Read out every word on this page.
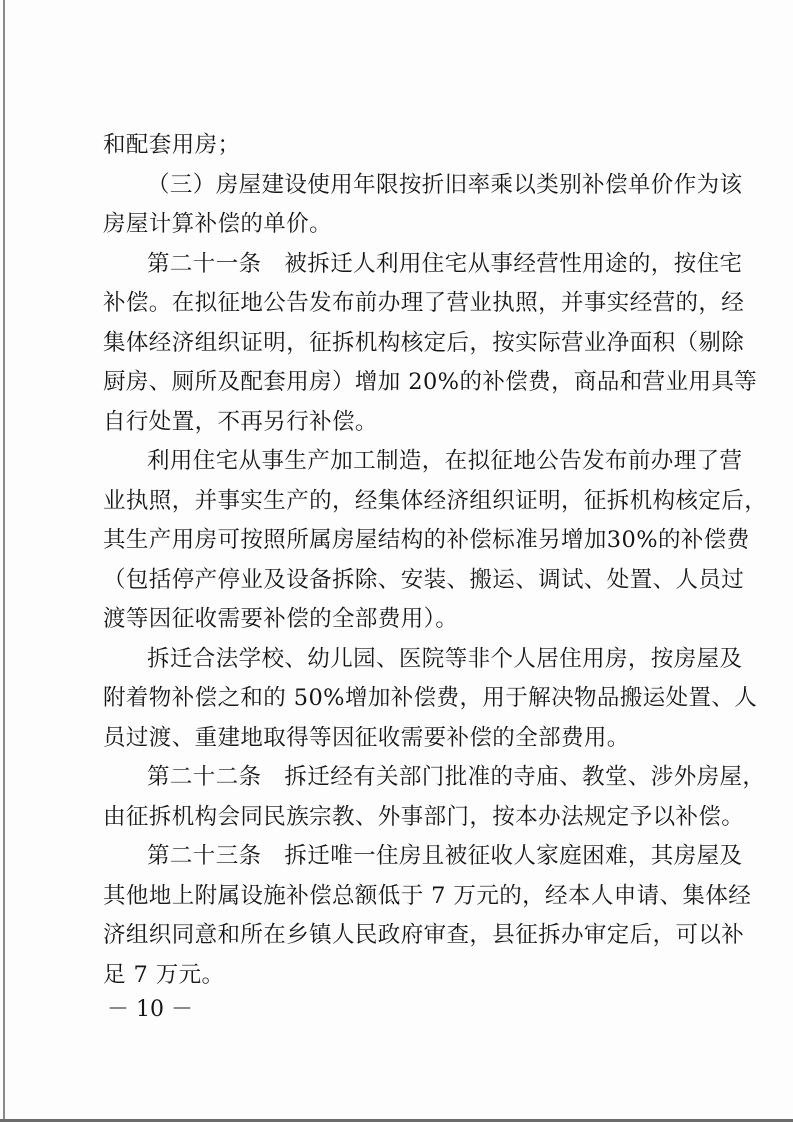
和配套用房；
（三）房屋建设使用年限按折旧率乘以类别补偿单价作为该
房屋计算补偿的单价。
第二十一条　被拆迁人利用住宅从事经营性用途的，按住宅
补偿。在拟征地公告发布前办理了营业执照，并事实经营的，经
集体经济组织证明，征拆机构核定后，按实际营业净面积（剔除
厨房、厕所及配套用房）增加 20%的补偿费，商品和营业用具等
自行处置，不再另行补偿。
利用住宅从事生产加工制造，在拟征地公告发布前办理了营
业执照，并事实生产的，经集体经济组织证明，征拆机构核定后，
其生产用房可按照所属房屋结构的补偿标准另增加30%的补偿费
（包括停产停业及设备拆除、安装、搬运、调试、处置、人员过
渡等因征收需要补偿的全部费用）。
拆迁合法学校、幼儿园、医院等非个人居住用房，按房屋及
附着物补偿之和的 50%增加补偿费，用于解决物品搬运处置、人
员过渡、重建地取得等因征收需要补偿的全部费用。
第二十二条　拆迁经有关部门批准的寺庙、教堂、涉外房屋，
由征拆机构会同民族宗教、外事部门，按本办法规定予以补偿。
第二十三条　拆迁唯一住房且被征收人家庭困难，其房屋及
其他地上附属设施补偿总额低于 7 万元的，经本人申请、集体经
济组织同意和所在乡镇人民政府审查，县征拆办审定后，可以补
足 7 万元。
－ 10 －
